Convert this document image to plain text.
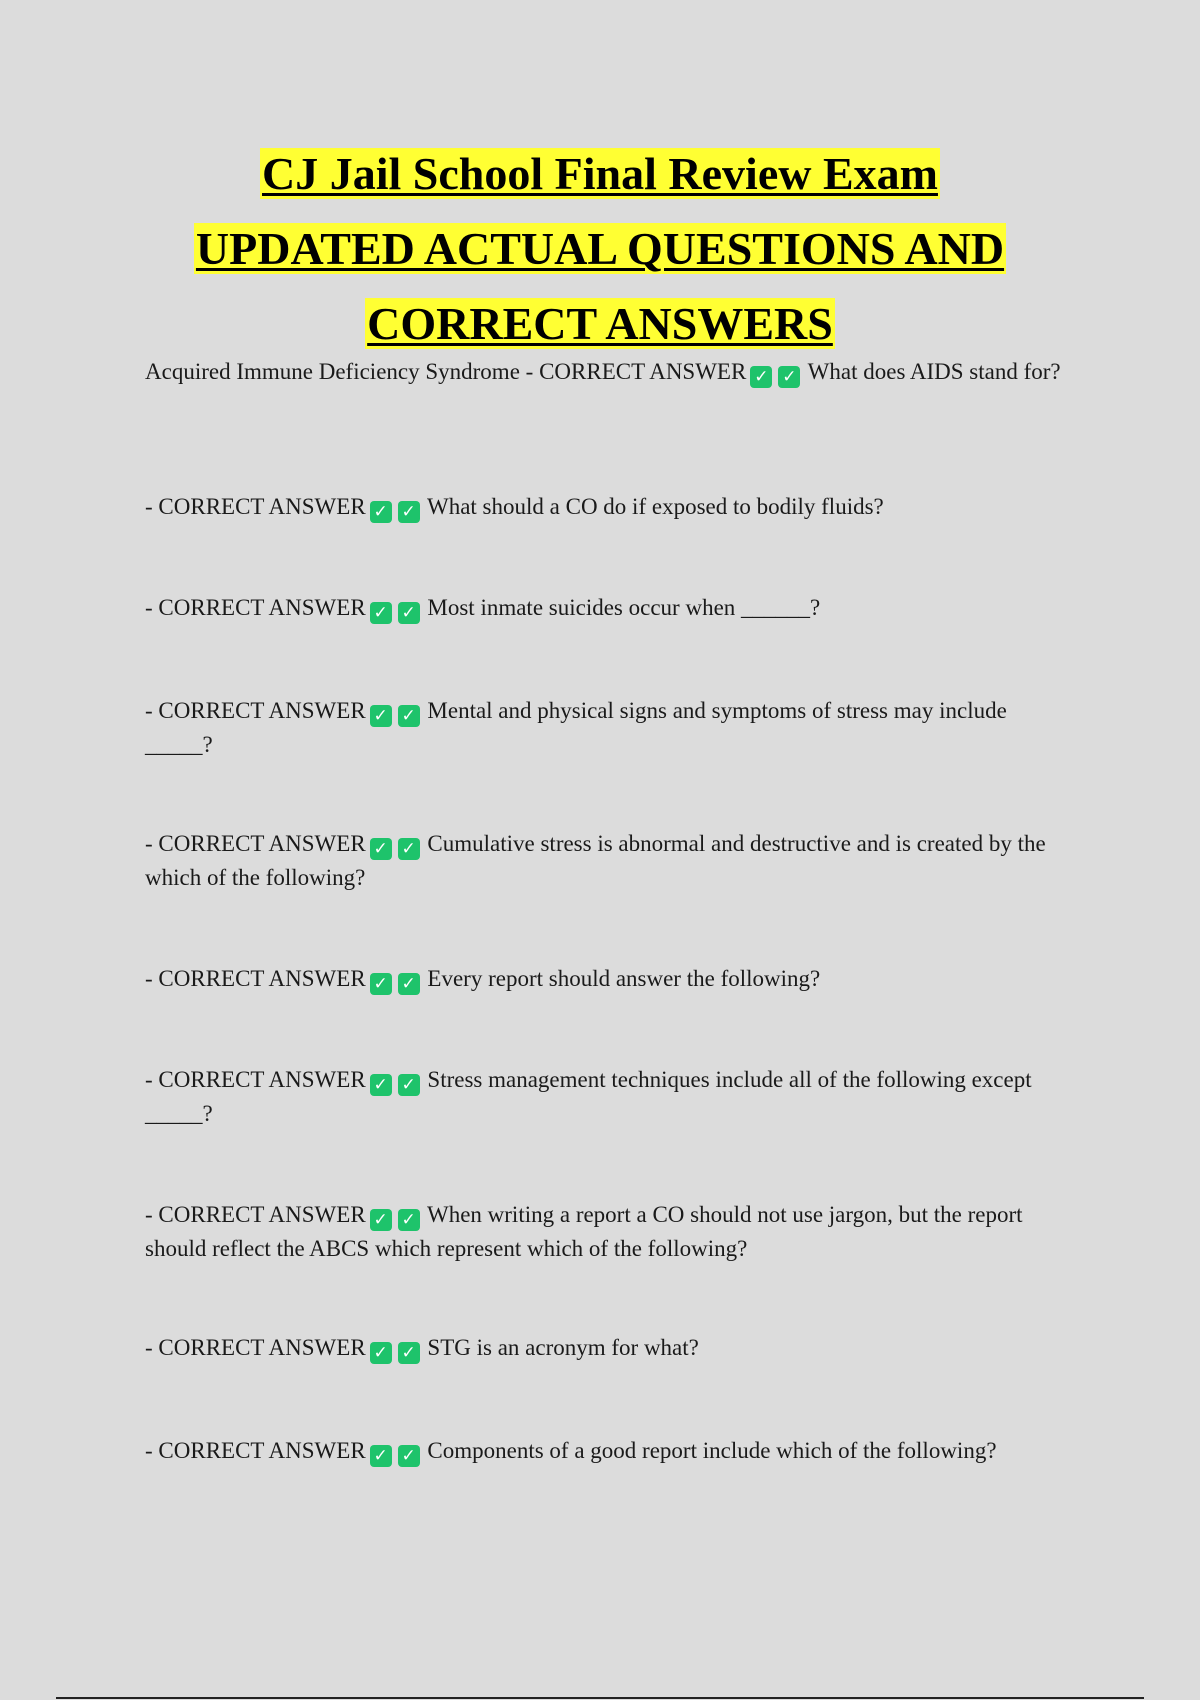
CJ Jail School Final Review Exam
UPDATED ACTUAL QUESTIONS AND
CORRECT ANSWERS
Acquired Immune Deficiency Syndrome - CORRECT ANSWER ✓ ✓ What does AIDS stand for?
- CORRECT ANSWER ✓ ✓ What should a CO do if exposed to bodily fluids?
- CORRECT ANSWER ✓ ✓ Most inmate suicides occur when ______?
- CORRECT ANSWER ✓ ✓ Mental and physical signs and symptoms of stress may include _____?
- CORRECT ANSWER ✓ ✓ Cumulative stress is abnormal and destructive and is created by the which of the following?
- CORRECT ANSWER ✓ ✓ Every report should answer the following?
- CORRECT ANSWER ✓ ✓ Stress management techniques include all of the following except _____?
- CORRECT ANSWER ✓ ✓ When writing a report a CO should not use jargon, but the report should reflect the ABCS which represent which of the following?
- CORRECT ANSWER ✓ ✓ STG is an acronym for what?
- CORRECT ANSWER ✓ ✓ Components of a good report include which of the following?
